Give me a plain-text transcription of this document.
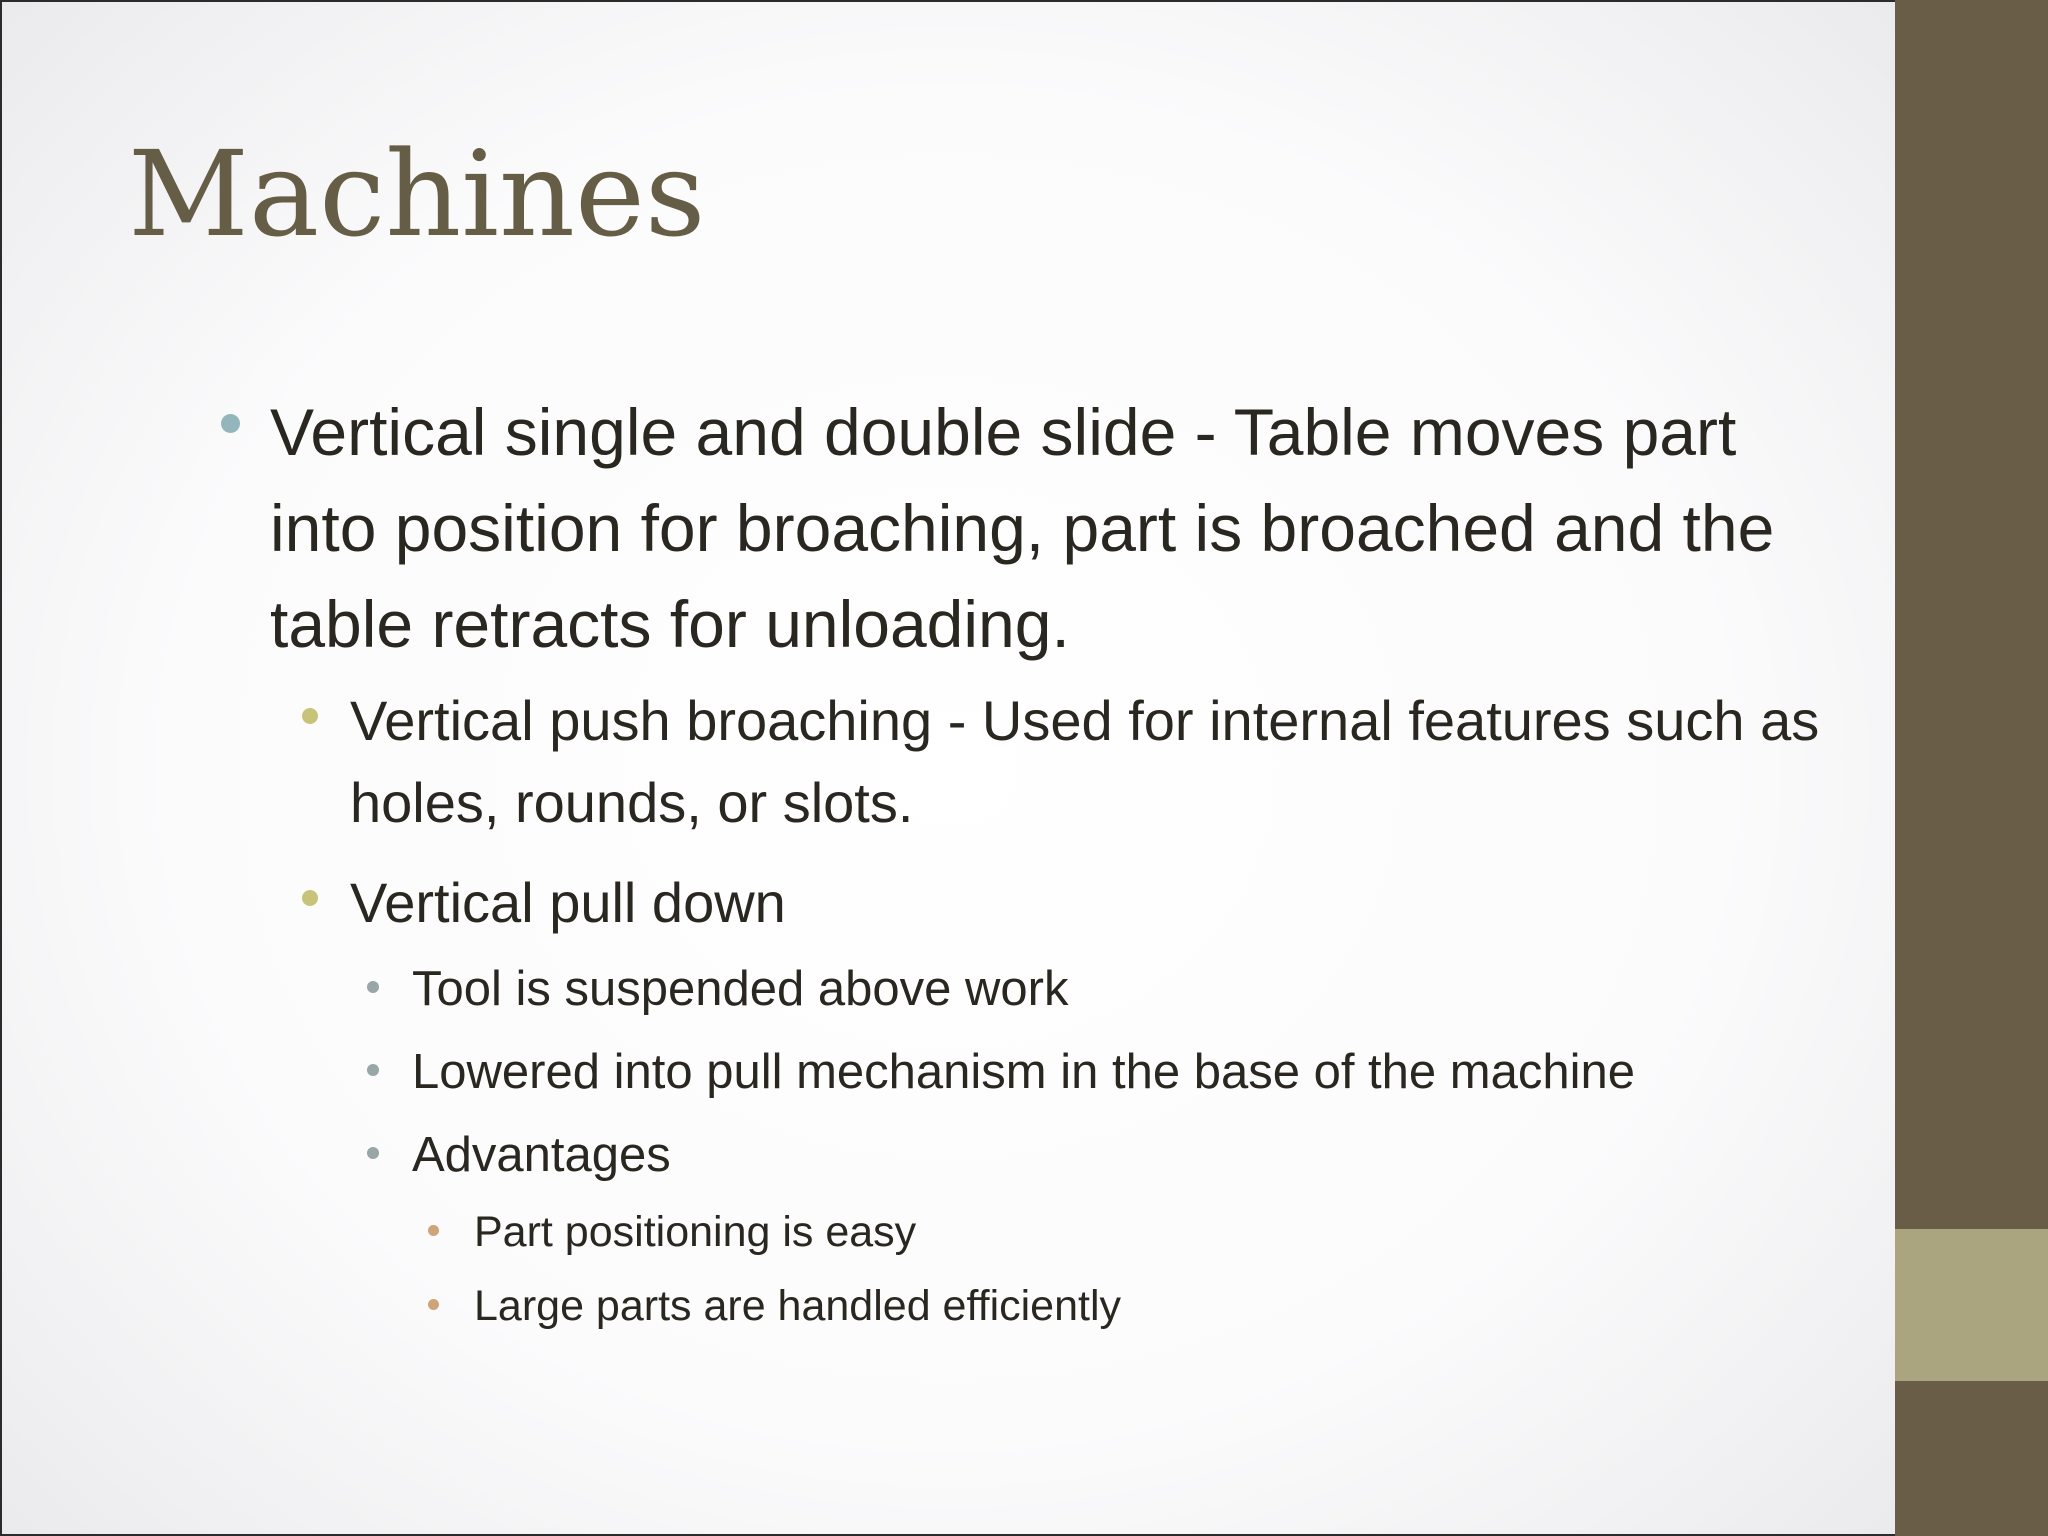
Machines
Vertical single and double slide - Table moves part into position for broaching, part is broached and the table retracts for unloading.
Vertical push broaching - Used for internal features such as holes, rounds, or slots.
Vertical pull down
Tool is suspended above work
Lowered into pull mechanism in the base of the machine
Advantages
Part positioning is easy
Large parts are handled efficiently
